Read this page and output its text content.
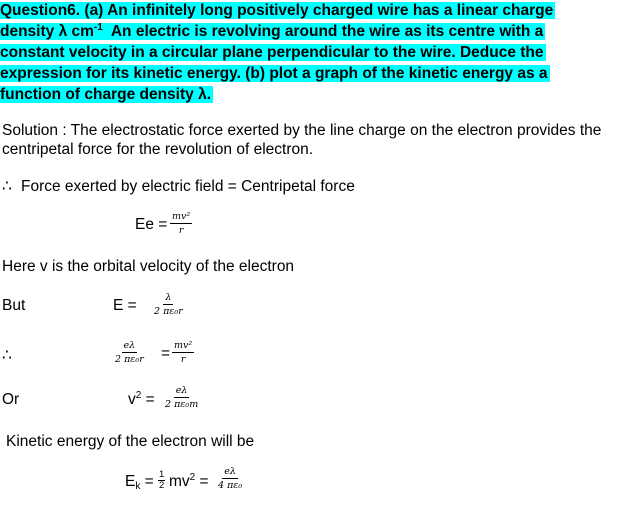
Question6. (a) An infinitely long positively charged wire has a linear charge
density λ $cm^{-1}$  An electric is revolving around the wire as its centre with a
constant velocity in a circular plane perpendicular to the wire. Deduce the
expression for its kinetic energy. (b) plot a graph of the kinetic energy as a
function of charge density λ.
Solution : The electrostatic force exerted by the line charge on the electron provides the
centripetal force for the revolution of electron.
∴ Force exerted by electric field = Centripetal force
$Ee = \frac{\text{mv²}}{r}$
Here v is the orbital velocity of the electron
But	$E = \frac{\lambda}{\text{2 πε₀r}}$
∴	$\frac{e\lambda}{\text{2 πε₀r}} = \frac{\text{mv²}}{r}$
Or	$v^2 = \frac{e\lambda}{\text{2 πε₀m}}$
Kinetic energy of the electron will be
$E_k = 1$
2 $mv^2 = \frac{e\lambda}{\text{4 πε₀}}$
